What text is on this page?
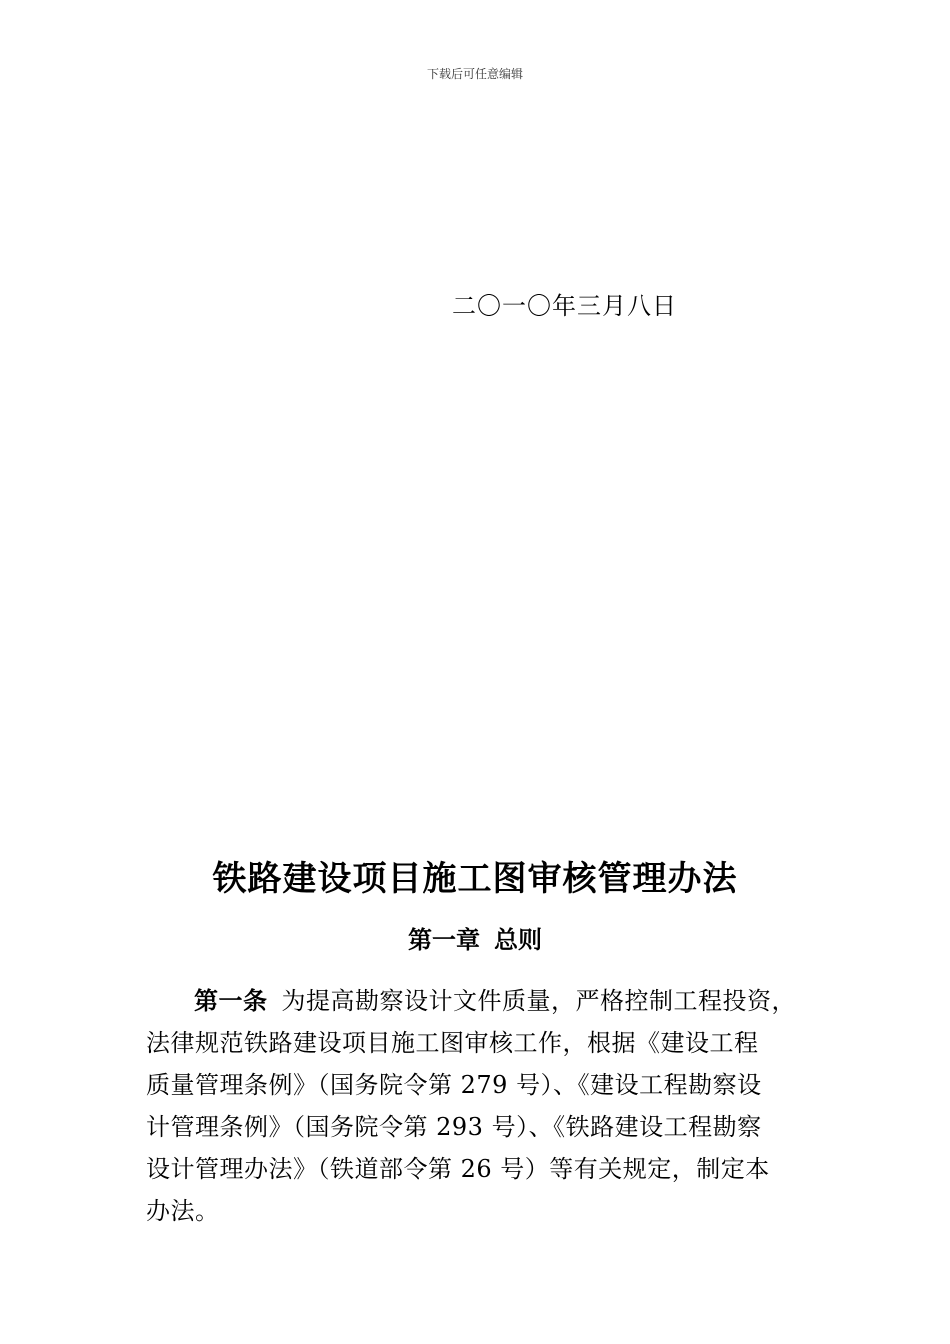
下载后可任意编辑
二〇一〇年三月八日
铁路建设项目施工图审核管理办法
第一章 总则
第一条 为提高勘察设计文件质量，严格控制工程投资，
法律规范铁路建设项目施工图审核工作，根据《建设工程
质量管理条例》（国务院令第 279 号）、《建设工程勘察设
计管理条例》（国务院令第 293 号）、《铁路建设工程勘察
设计管理办法》（铁道部令第 26 号）等有关规定，制定本
办法。
